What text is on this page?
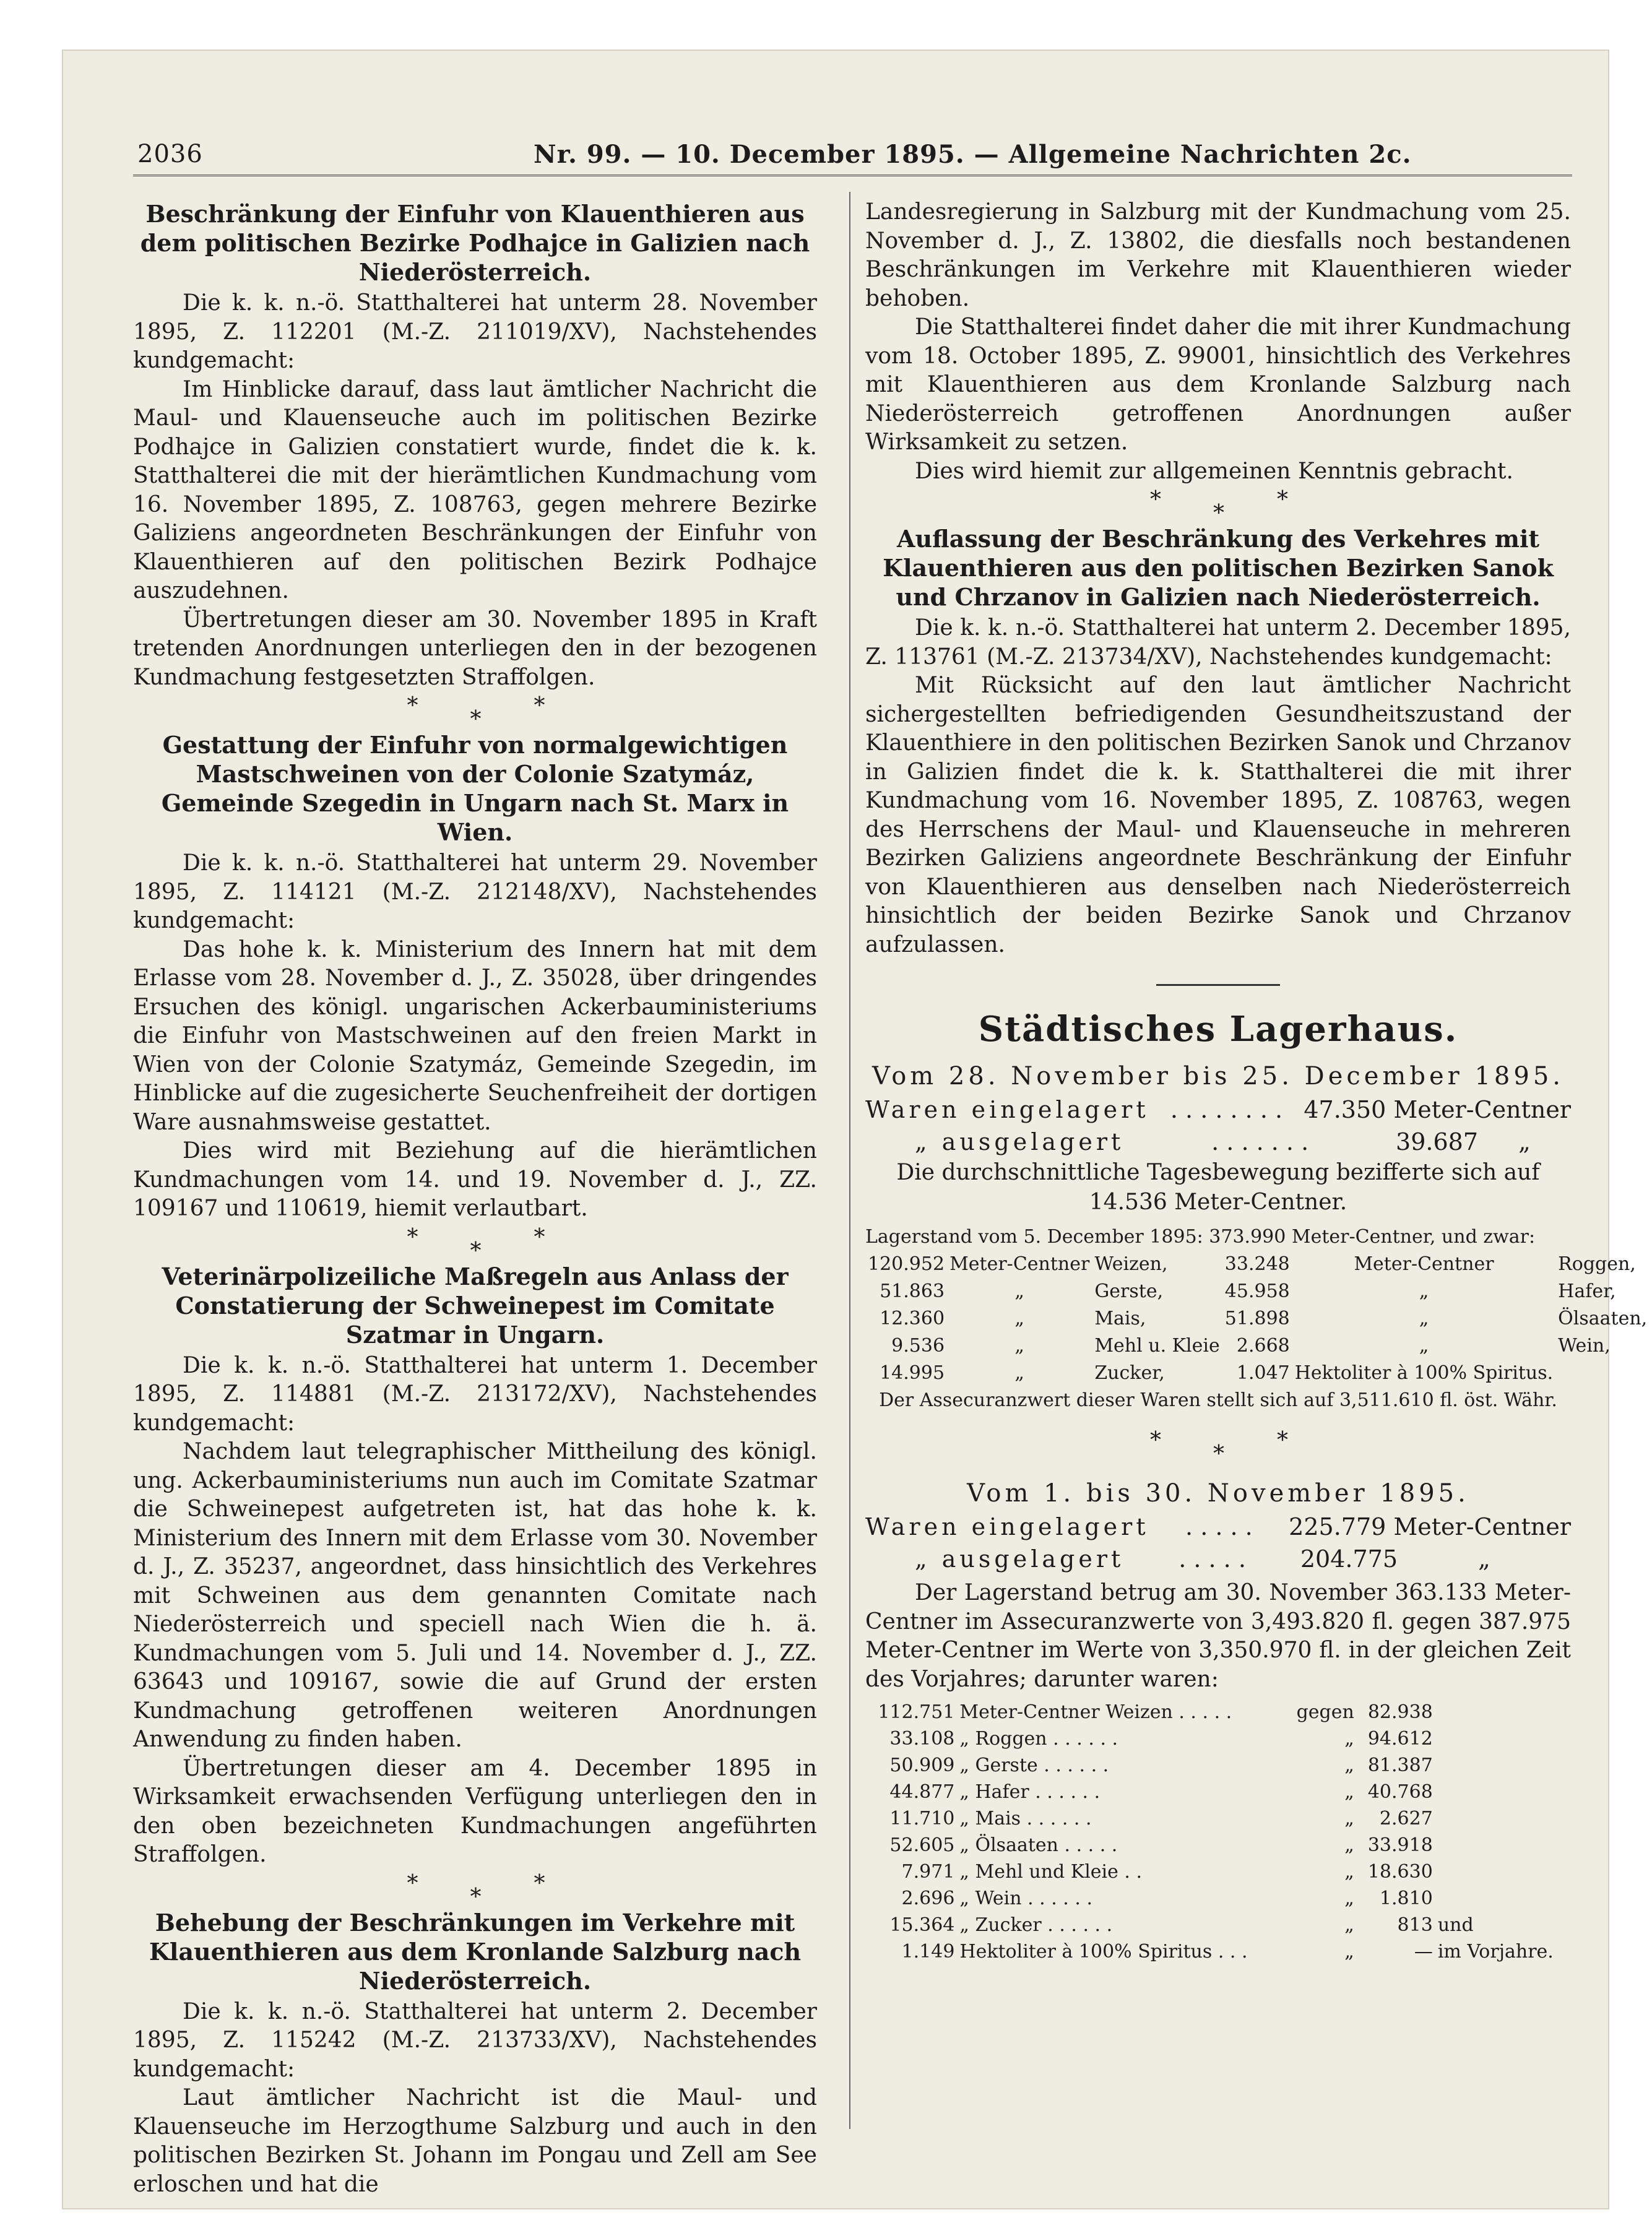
2036	Nr. 99. — 10. December 1895. — Allgemeine Nachrichten 2c.
Beschränkung der Einfuhr von Klauenthieren aus dem politischen Bezirke Podhajce in Galizien nach Niederösterreich.

Die k. k. n.-ö. Statthalterei hat unterm 28. November 1895, Z. 112201 (M.-Z. 211019/XV), Nachstehendes kundgemacht:

Im Hinblicke darauf, dass laut ämtlicher Nachricht die Maul- und Klauenseuche auch im politischen Bezirke Podhajce in Galizien constatiert wurde, findet die k. k. Statthalterei die mit der hierämtlichen Kundmachung vom 16. November 1895, Z. 108763, gegen mehrere Bezirke Galiziens angeordneten Beschränkungen der Einfuhr von Klauenthieren auf den politischen Bezirk Podhajce auszudehnen.

Übertretungen dieser am 30. November 1895 in Kraft tretenden Anordnungen unterliegen den in der bezogenen Kundmachung festgesetzten Straffolgen.

*
*
*
Gestattung der Einfuhr von normalgewichtigen Mastschweinen von der Colonie Szatymáz, Gemeinde Szegedin in Ungarn nach St. Marx in Wien.

Die k. k. n.-ö. Statthalterei hat unterm 29. November 1895, Z. 114121 (M.-Z. 212148/XV), Nachstehendes kundgemacht:

Das hohe k. k. Ministerium des Innern hat mit dem Erlasse vom 28. November d. J., Z. 35028, über dringendes Ersuchen des königl. ungarischen Ackerbauministeriums die Einfuhr von Mastschweinen auf den freien Markt in Wien von der Colonie Szatymáz, Gemeinde Szegedin, im Hinblicke auf die zugesicherte Seuchenfreiheit der dortigen Ware ausnahmsweise gestattet.

Dies wird mit Beziehung auf die hierämtlichen Kundmachungen vom 14. und 19. November d. J., ZZ. 109167 und 110619, hiemit verlautbart.

*
*
*
Veterinärpolizeiliche Maßregeln aus Anlass der Constatierung der Schweinepest im Comitate Szatmar in Ungarn.

Die k. k. n.-ö. Statthalterei hat unterm 1. December 1895, Z. 114881 (M.-Z. 213172/XV), Nachstehendes kundgemacht:

Nachdem laut telegraphischer Mittheilung des königl. ung. Ackerbauministeriums nun auch im Comitate Szatmar die Schweinepest aufgetreten ist, hat das hohe k. k. Ministerium des Innern mit dem Erlasse vom 30. November d. J., Z. 35237, angeordnet, dass hinsichtlich des Verkehres mit Schweinen aus dem genannten Comitate nach Niederösterreich und speciell nach Wien die h. ä. Kundmachungen vom 5. Juli und 14. November d. J., ZZ. 63643 und 109167, sowie die auf Grund der ersten Kundmachung getroffenen weiteren Anordnungen Anwendung zu finden haben.

Übertretungen dieser am 4. December 1895 in Wirksamkeit erwachsenden Verfügung unterliegen den in den oben bezeichneten Kundmachungen angeführten Straffolgen.

*
*
*
Behebung der Beschränkungen im Verkehre mit Klauenthieren aus dem Kronlande Salzburg nach Niederösterreich.

Die k. k. n.-ö. Statthalterei hat unterm 2. December 1895, Z. 115242 (M.-Z. 213733/XV), Nachstehendes kundgemacht:

Laut ämtlicher Nachricht ist die Maul- und Klauenseuche im Herzogthume Salzburg und auch in den politischen Bezirken St. Johann im Pongau und Zell am See erloschen und hat die

Landesregierung in Salzburg mit der Kundmachung vom 25. November d. J., Z. 13802, die diesfalls noch bestandenen Beschränkungen im Verkehre mit Klauenthieren wieder behoben.

Die Statthalterei findet daher die mit ihrer Kundmachung vom 18. October 1895, Z. 99001, hinsichtlich des Verkehres mit Klauenthieren aus dem Kronlande Salzburg nach Niederösterreich getroffenen Anordnungen außer Wirksamkeit zu setzen.

Dies wird hiemit zur allgemeinen Kenntnis gebracht.

*
*
*
Auflassung der Beschränkung des Verkehres mit Klauenthieren aus den politischen Bezirken Sanok und Chrzanov in Galizien nach Niederösterreich.

Die k. k. n.-ö. Statthalterei hat unterm 2. December 1895, Z. 113761 (M.-Z. 213734/XV), Nachstehendes kundgemacht:

Mit Rücksicht auf den laut ämtlicher Nachricht sichergestellten befriedigenden Gesundheitszustand der Klauenthiere in den politischen Bezirken Sanok und Chrzanov in Galizien findet die k. k. Statthalterei die mit ihrer Kundmachung vom 16. November 1895, Z. 108763, wegen des Herrschens der Maul- und Klauenseuche in mehreren Bezirken Galiziens angeordnete Beschränkung der Einfuhr von Klauenthieren aus denselben nach Niederösterreich hinsichtlich der beiden Bezirke Sanok und Chrzanov aufzulassen.

Städtisches Lagerhaus.
Vom 28. November bis 25. December 1895.
Waren eingelagert . . . . . . . . 47.350 Meter-Centner
„ ausgelagert	. . . . . . .	39.687	„
Die durchschnittliche Tagesbewegung bezifferte sich auf
14.536 Meter-Centner.
Lagerstand vom 5. December 1895: 373.990 Meter-Centner, und zwar:
120.952	Meter-Centner	Weizen,	33.248	Meter-Centner	Roggen,
51.863	„	Gerste,	45.958	„	Hafer,
12.360	„	Mais,	51.898	„	Ölsaaten,
9.536	„	Mehl u. Kleie	2.668	„	Wein,
14.995	„	Zucker,	1.047	Hektoliter à 100% Spiritus.	
Der Assecuranzwert dieser Waren stellt sich auf 3,511.610 fl. öst. Währ.
*
*
*
Vom 1. bis 30. November 1895.
Waren eingelagert	. . . . .	225.779 Meter-Centner
„ ausgelagert	. . . . .	204.775	„

Der Lagerstand betrug am 30. November 363.133 Meter-Centner im Assecuranzwerte von 3,493.820 fl. gegen 387.975 Meter-Centner im Werte von 3,350.970 fl. in der gleichen Zeit des Vorjahres; darunter waren:

112.751	Meter-Centner Weizen . . . . .	gegen	82.938	
33.108	„ Roggen . . . . . .	„	94.612	
50.909	„ Gerste . . . . . .	„	81.387	
44.877	„ Hafer . . . . . .	„	40.768	
11.710	„ Mais . . . . . .	„	2.627	
52.605	„ Ölsaaten . . . . .	„	33.918	
7.971	„ Mehl und Kleie . .	„	18.630	
2.696	„ Wein . . . . . .	„	1.810	
15.364	„ Zucker . . . . . .	„	813	und
1.149	Hektoliter à 100% Spiritus . . .	„	—	im Vorjahre.
